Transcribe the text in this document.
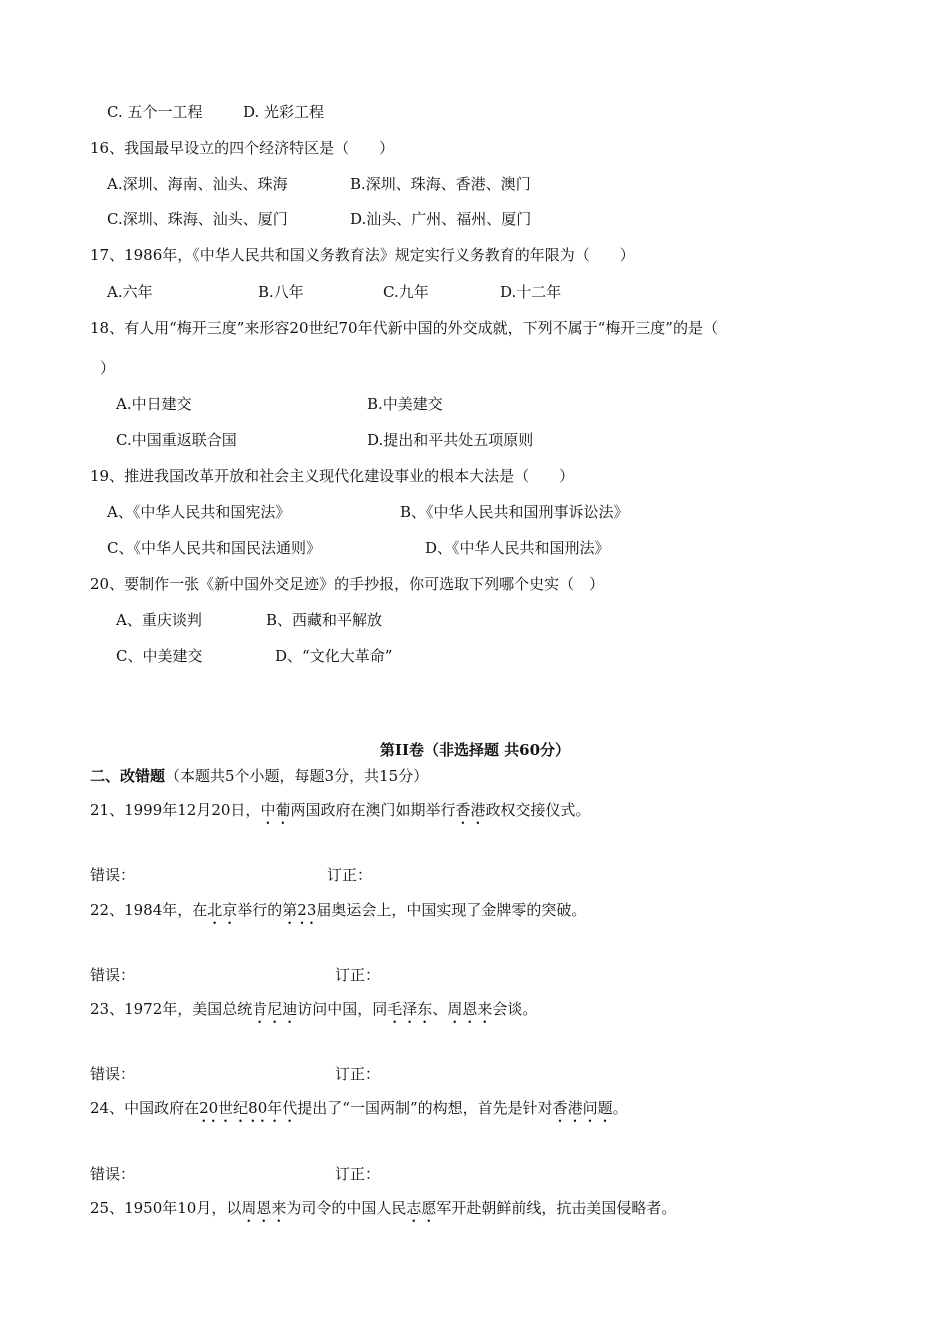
C. 五个一工程	D. 光彩工程
16、我国最早设立的四个经济特区是（　　）
A.深圳、海南、汕头、珠海	B.深圳、珠海、香港、澳门
C.深圳、珠海、汕头、厦门	D.汕头、广州、福州、厦门
17、1986年，《中华人民共和国义务教育法》规定实行义务教育的年限为（　　）
A.六年	B.八年	C.九年	D.十二年
18、有人用“梅开三度”来形容20世纪70年代新中国的外交成就，下列不属于“梅开三度”的是（
）
A.中日建交	B.中美建交
C.中国重返联合国	D.提出和平共处五项原则
19、推进我国改革开放和社会主义现代化建设事业的根本大法是（　　）
A、《中华人民共和国宪法》	B、《中华人民共和国刑事诉讼法》
C、《中华人民共和国民法通则》	D、《中华人民共和国刑法》
20、要制作一张《新中国外交足迹》的手抄报，你可选取下列哪个史实（　）
A、重庆谈判	B、西藏和平解放
C、中美建交	D、“文化大革命”
第II卷（非选择题 共60分）
二、改错题（本题共5个小题，每题3分，共15分）
21、1999年12月20日，中葡两国政府在澳门如期举行香港政权交接仪式。
错误：	订正：
22、1984年，在北京举行的第23届奥运会上，中国实现了金牌零的突破。
错误：	订正：
23、1972年，美国总统肯尼迪访问中国，同毛泽东、周恩来会谈。
错误：	订正：
24、中国政府在20世纪80年代提出了“一国两制”的构想，首先是针对香港问题。
错误：	订正：
25、1950年10月，以周恩来为司令的中国人民志愿军开赴朝鲜前线，抗击美国侵略者。
